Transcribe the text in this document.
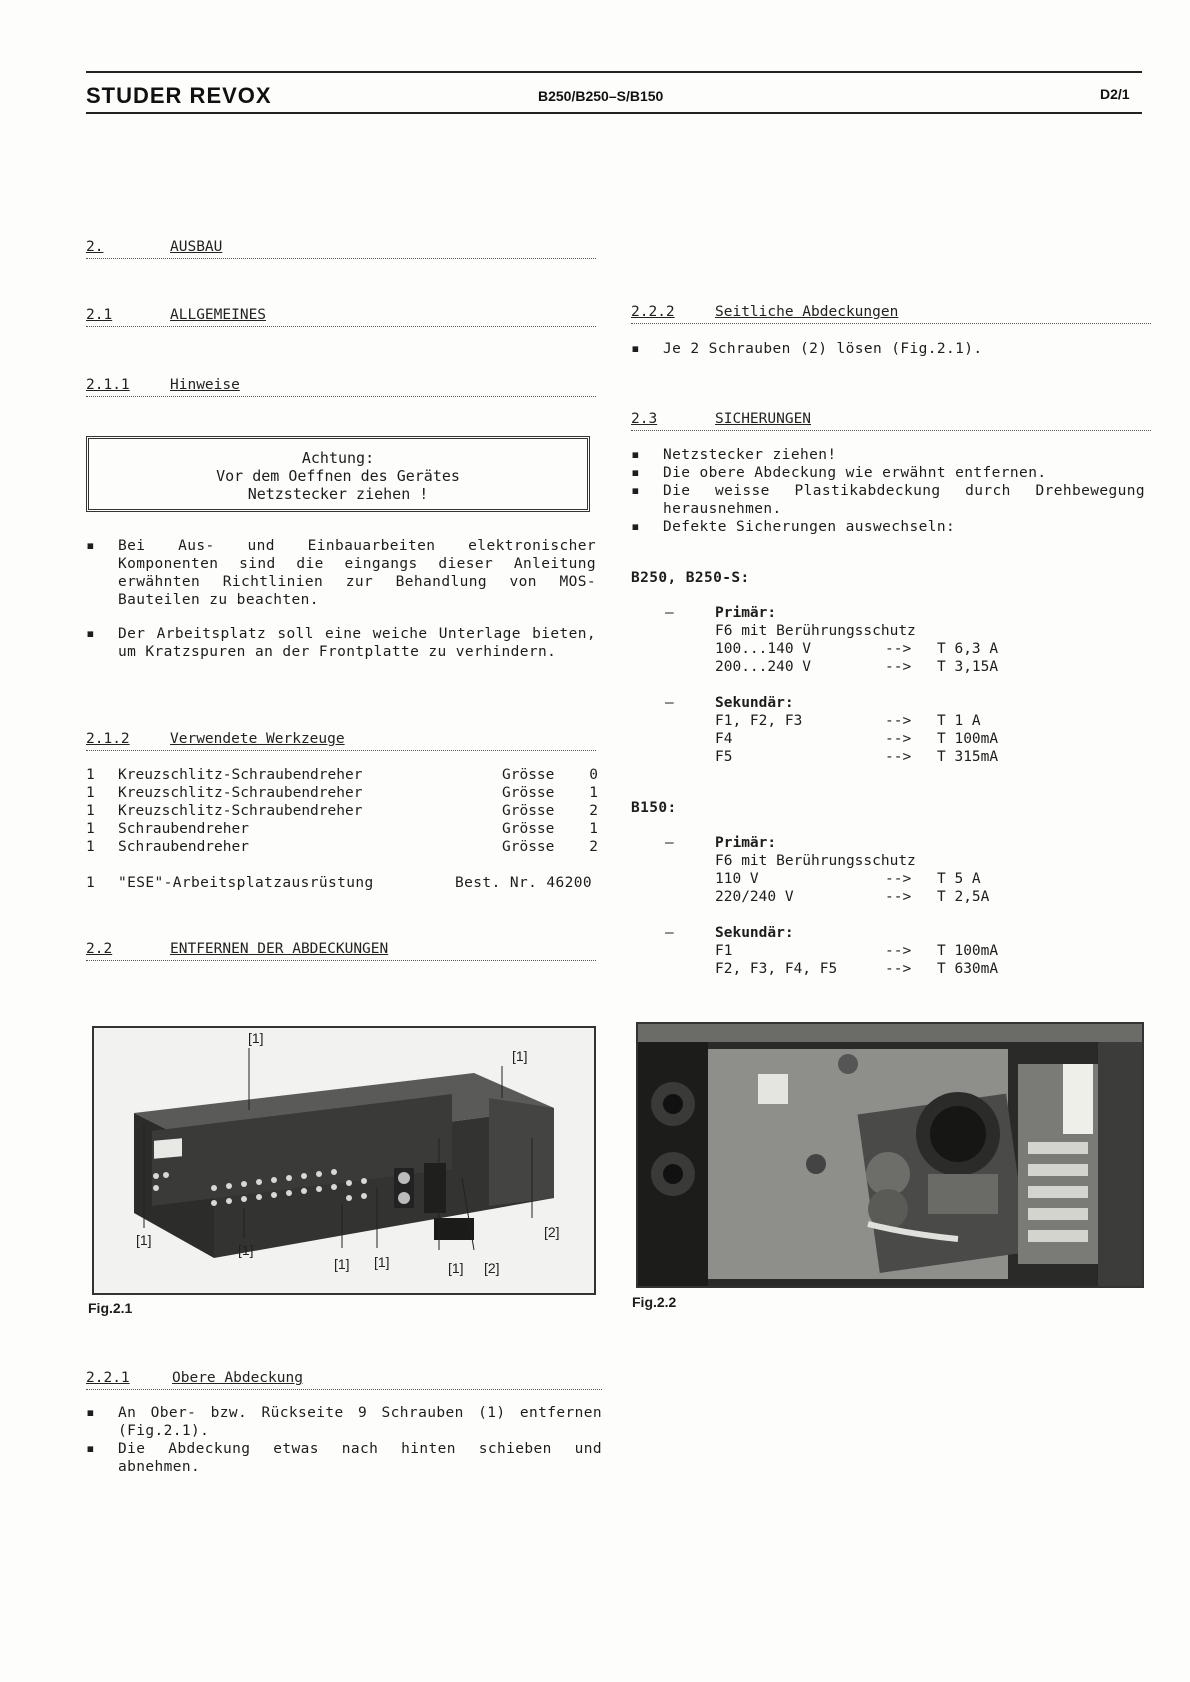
STUDER REVOX	B250/B250–S/B150	D2/1
2.	AUSBAU
2.1	ALLGEMEINES
2.1.1	Hinweise
Achtung:
Vor dem Oeffnen des Gerätes
Netzstecker ziehen !
▪	Bei Aus- und Einbauarbeiten elektronischer Komponenten sind die eingangs dieser Anleitung erwähnten Richtlinien zur Behandlung von MOS-Bauteilen zu beachten.
▪	Der Arbeitsplatz soll eine weiche Unterlage bieten, um Kratzspuren an der Frontplatte zu verhindern.
2.1.2	Verwendete Werkzeuge
1	Kreuzschlitz-Schraubendreher	Grösse	0
1	Kreuzschlitz-Schraubendreher	Grösse	1
1	Kreuzschlitz-Schraubendreher	Grösse	2
1	Schraubendreher	Grösse	1
1	Schraubendreher	Grösse	2
1 "ESE"-Arbeitsplatzausrüstung	Best. Nr. 46200
2.2	ENTFERNEN DER ABDECKUNGEN
[1]
[1]
[1]
[1]
[1] [1]	[1] [2]
[2]
Fig.2.1
2.2.1	Obere Abdeckung
▪	An Ober- bzw. Rückseite 9 Schrauben (1) entfernen (Fig.2.1).
▪	Die Abdeckung etwas nach hinten schieben und abnehmen.
2.2.2	Seitliche Abdeckungen
▪	Je 2 Schrauben (2) lösen (Fig.2.1).
2.3	SICHERUNGEN
▪	Netzstecker ziehen!
▪	Die obere Abdeckung wie erwähnt entfernen.
▪	Die weisse Plastikabdeckung durch Drehbewegung herausnehmen.
▪	Defekte Sicherungen auswechseln:
B250, B250-S:
–	Primär:
F6 mit Berührungsschutz
100...140 V	--> T 6,3 A
200...240 V	--> T 3,15A
–	Sekundär:
F1, F2, F3	--> T 1 A
F4	--> T 100mA
F5	--> T 315mA
B150:
–	Primär:
F6 mit Berührungsschutz
110 V	--> T 5 A
220/240 V	--> T 2,5A
–	Sekundär:
F1	--> T 100mA
F2, F3, F4, F5	--> T 630mA
Fig.2.2
